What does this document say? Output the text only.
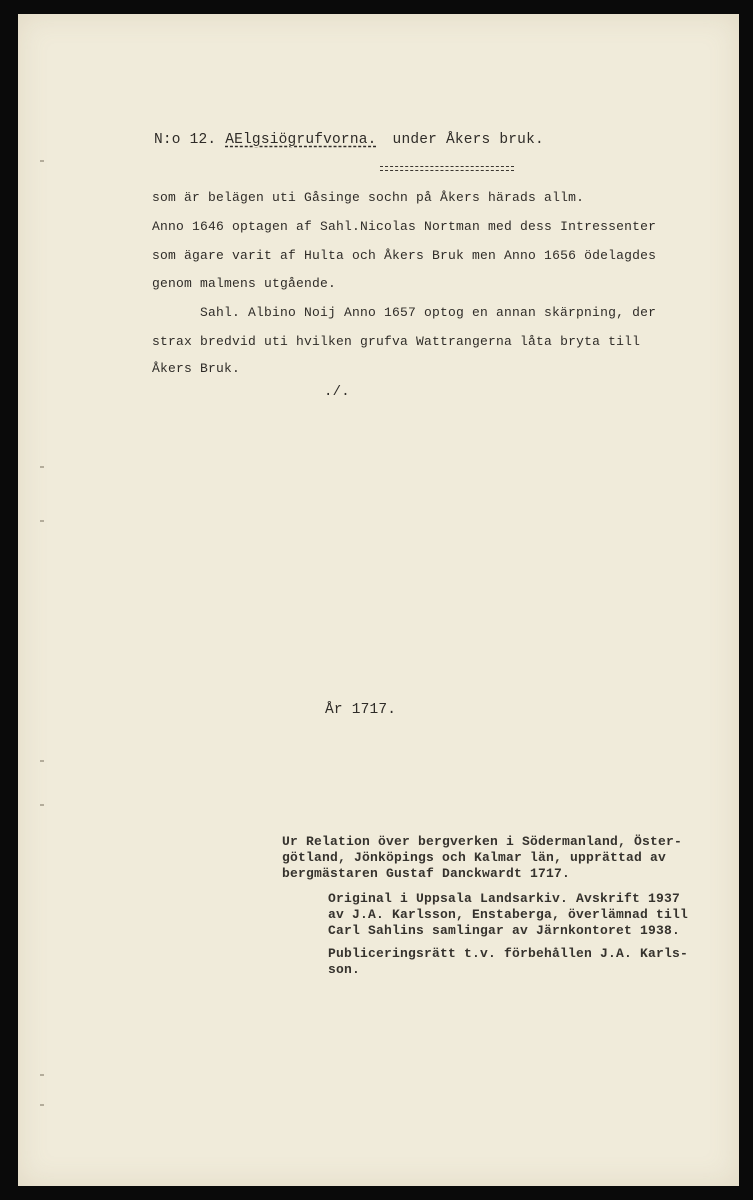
N:o 12. AElgsiögrufvorna. under Åkers bruk.
som är belägen uti Gåsinge sochn på Åkers härads allm.
Anno 1646 optagen af Sahl.Nicolas Nortman med dess Intressenter
som ägare varit af Hulta och Åkers Bruk men Anno 1656 ödelagdes
genom malmens utgående.
Sahl. Albino Noij Anno 1657 optog en annan skärpning, der
strax bredvid uti hvilken grufva Wattrangerna låta bryta till
Åkers Bruk.
./.
År 1717.
Ur Relation över bergverken i Södermanland, Öster-
götland, Jönköpings och Kalmar län, upprättad av
bergmästaren Gustaf Danckwardt 1717.
Original i Uppsala Landsarkiv. Avskrift 1937
av J.A. Karlsson, Enstaberga, överlämnad till
Carl Sahlins samlingar av Järnkontoret 1938.
Publiceringsrätt t.v. förbehållen J.A. Karls-
son.
